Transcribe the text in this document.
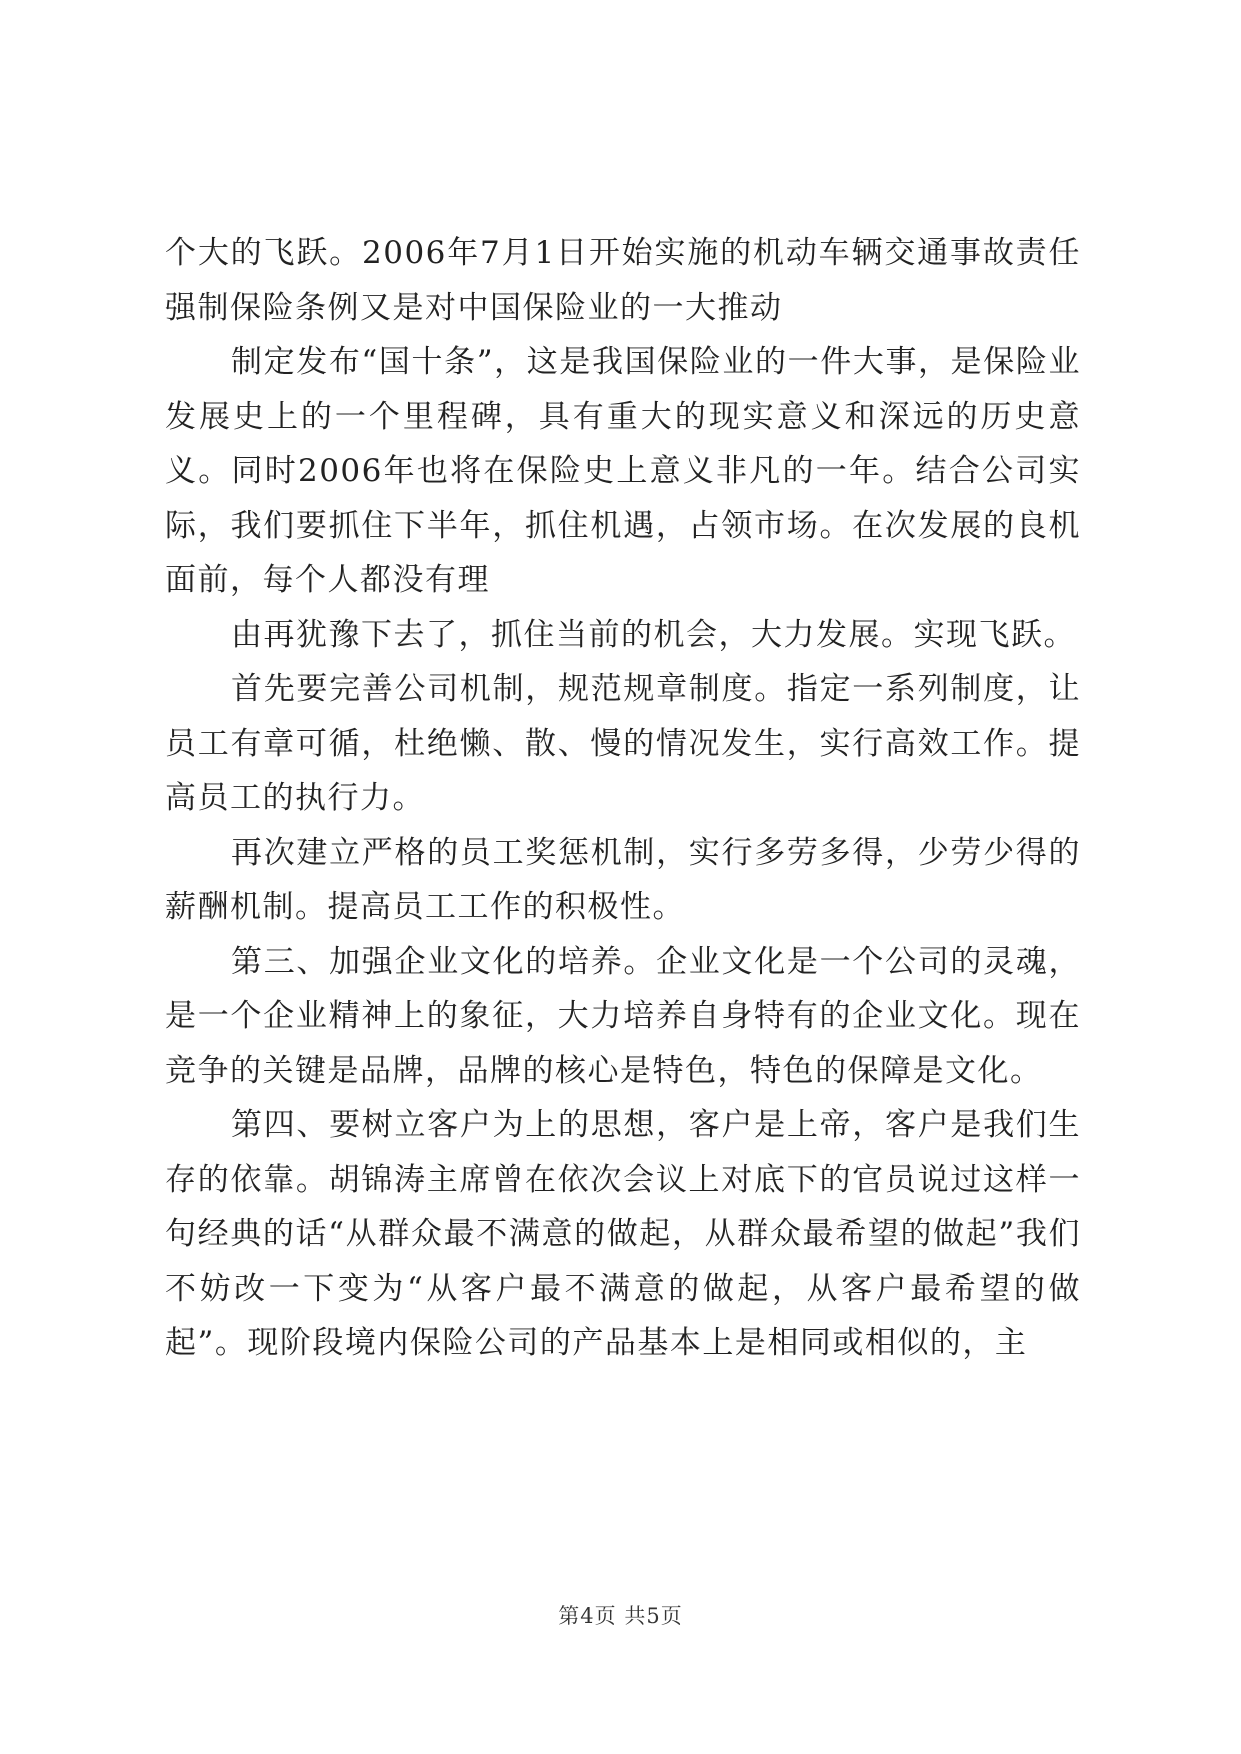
个大的飞跃。2006年7月1日开始实施的机动车辆交通事故责任强制保险条例又是对中国保险业的一大推动

制定发布“国十条”，这是我国保险业的一件大事，是保险业发展史上的一个里程碑，具有重大的现实意义和深远的历史意义。同时2006年也将在保险史上意义非凡的一年。结合公司实际，我们要抓住下半年，抓住机遇，占领市场。在次发展的良机面前，每个人都没有理

由再犹豫下去了，抓住当前的机会，大力发展。实现飞跃。

首先要完善公司机制，规范规章制度。指定一系列制度，让员工有章可循，杜绝懒、散、慢的情况发生，实行高效工作。提高员工的执行力。

再次建立严格的员工奖惩机制，实行多劳多得，少劳少得的薪酬机制。提高员工工作的积极性。

第三、加强企业文化的培养。企业文化是一个公司的灵魂，是一个企业精神上的象征，大力培养自身特有的企业文化。现在竞争的关键是品牌，品牌的核心是特色，特色的保障是文化。

第四、要树立客户为上的思想，客户是上帝，客户是我们生存的依靠。胡锦涛主席曾在依次会议上对底下的官员说过这样一句经典的话“从群众最不满意的做起，从群众最希望的做起”我们不妨改一下变为“从客户最不满意的做起，从客户最希望的做起”。现阶段境内保险公司的产品基本上是相同或相似的，主

第4页 共5页
